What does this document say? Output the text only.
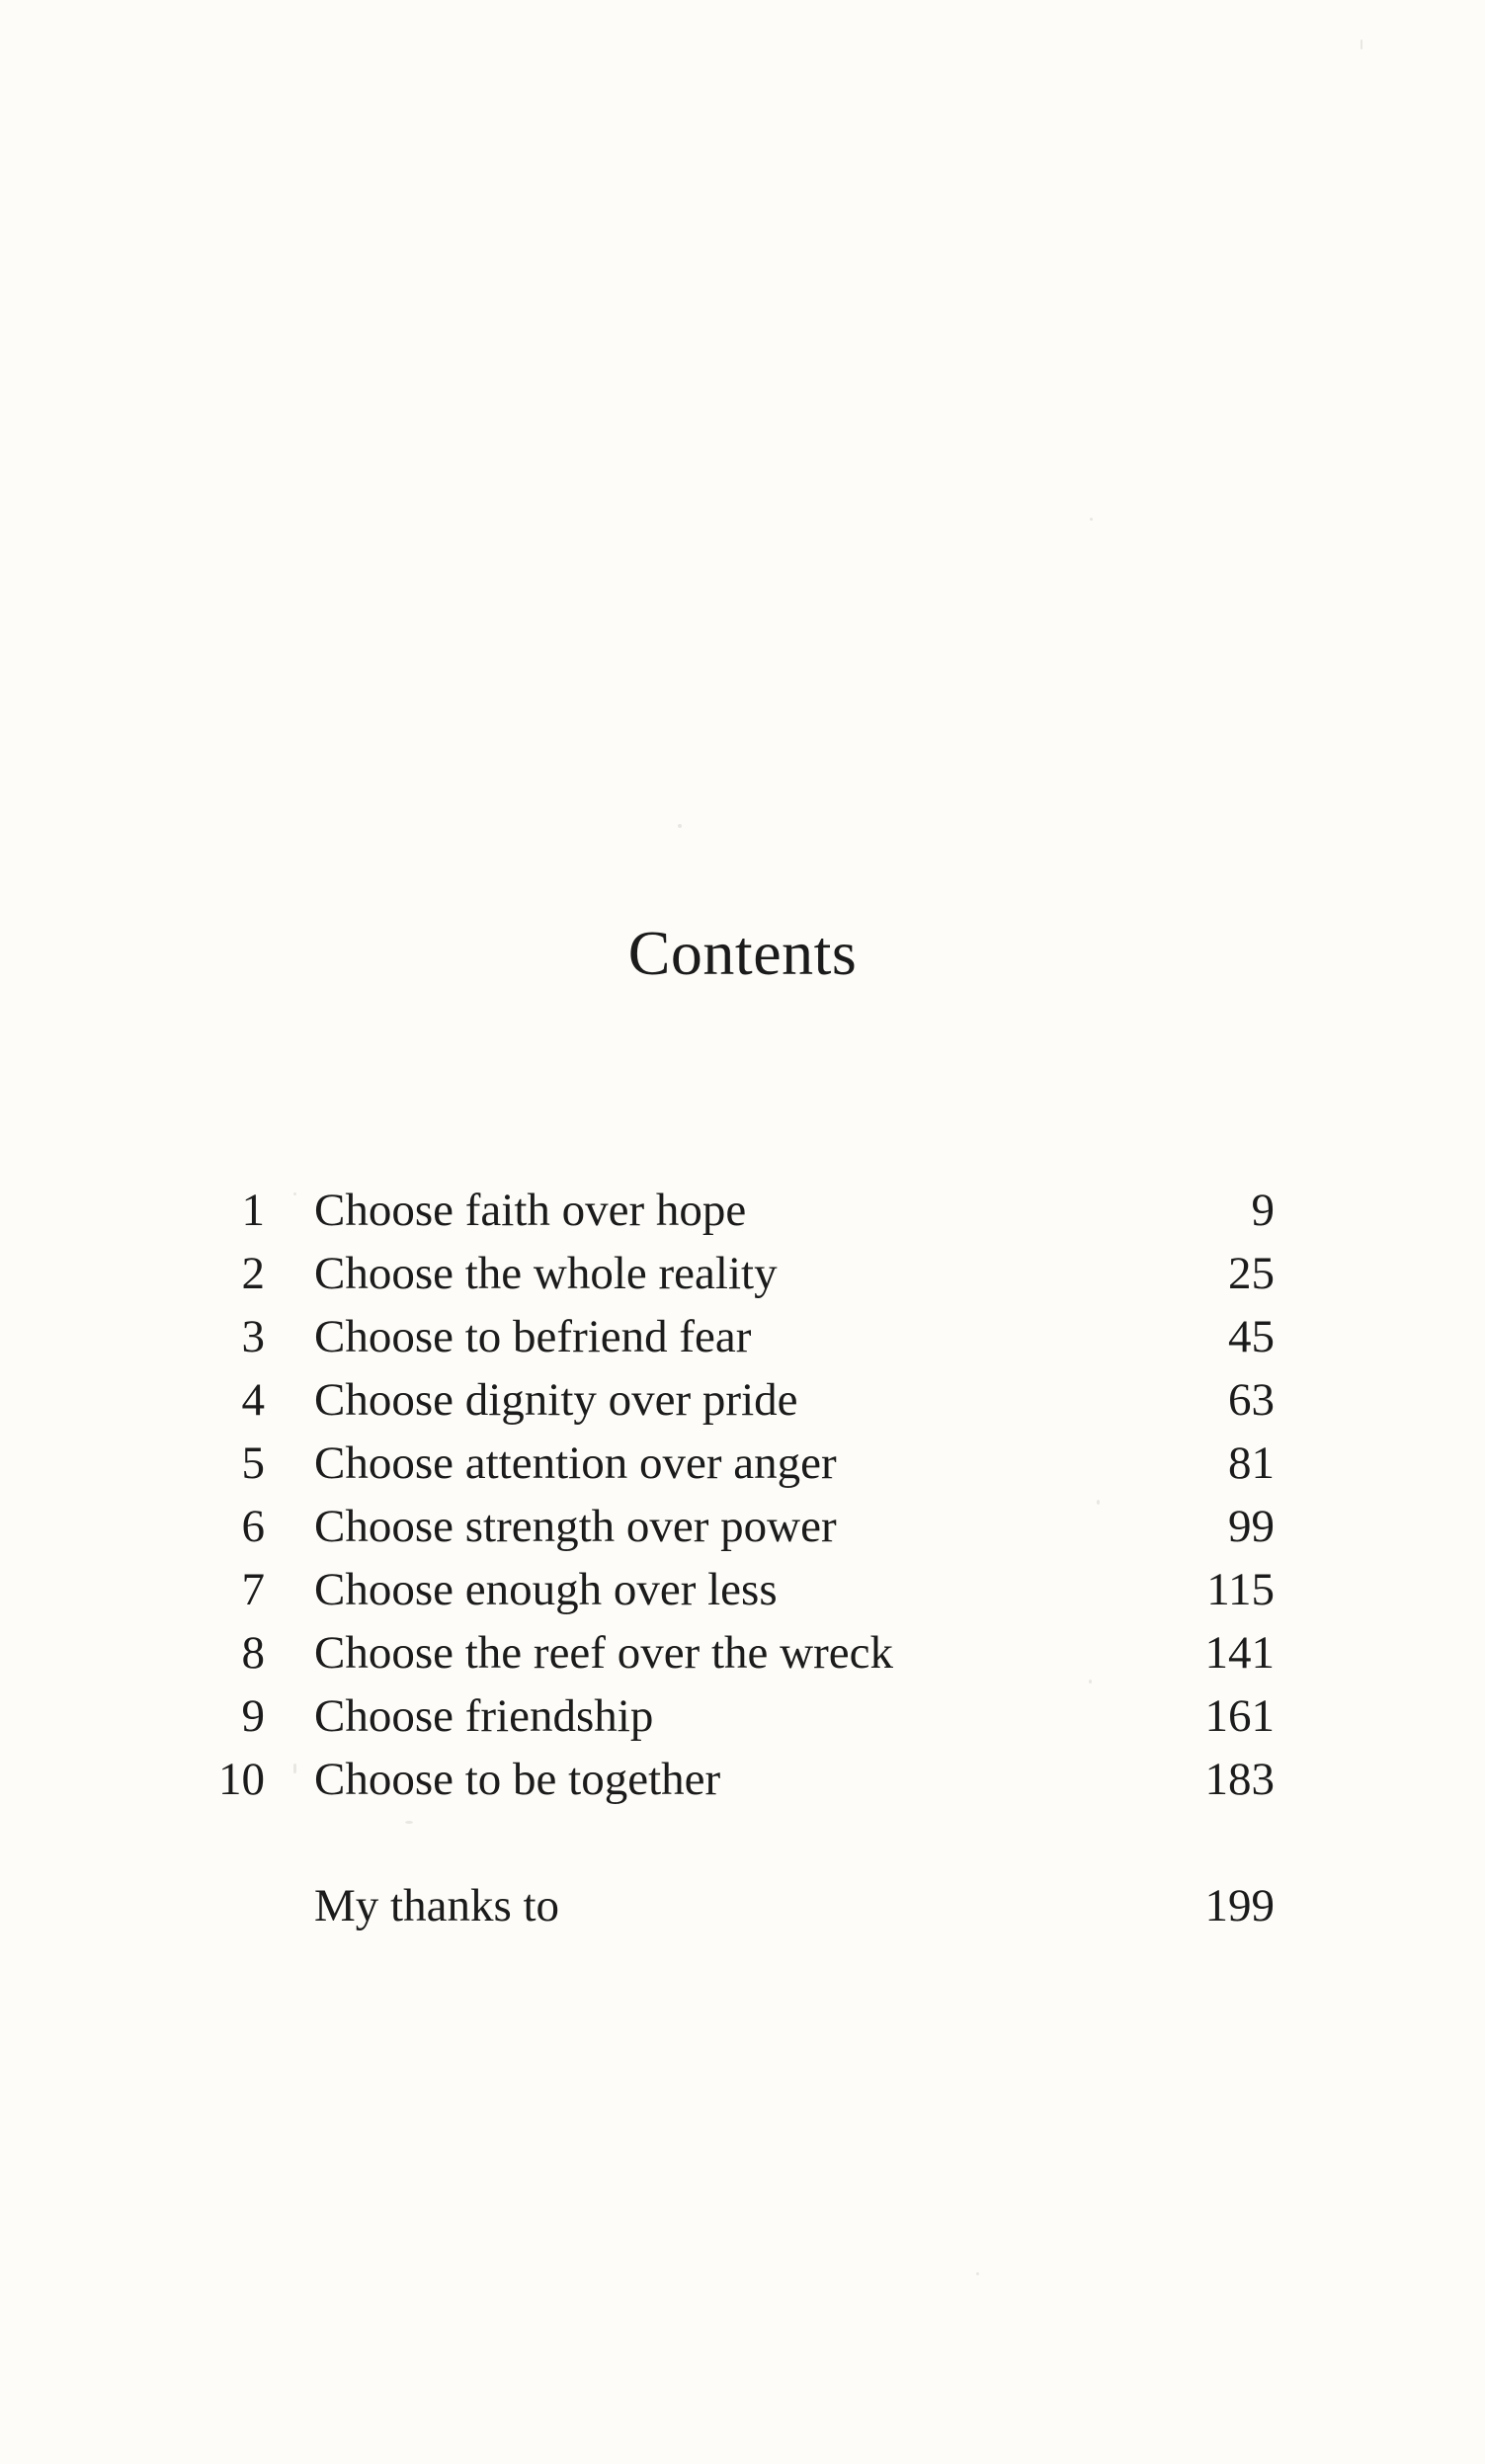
Contents
1 Choose faith over hope	9
2 Choose the whole reality	25
3 Choose to befriend fear	45
4 Choose dignity over pride	63
5 Choose attention over anger	81
6 Choose strength over power	99
7 Choose enough over less	115
8 Choose the reef over the wreck	141
9 Choose friendship	161
10 Choose to be together	183
My thanks to	199
